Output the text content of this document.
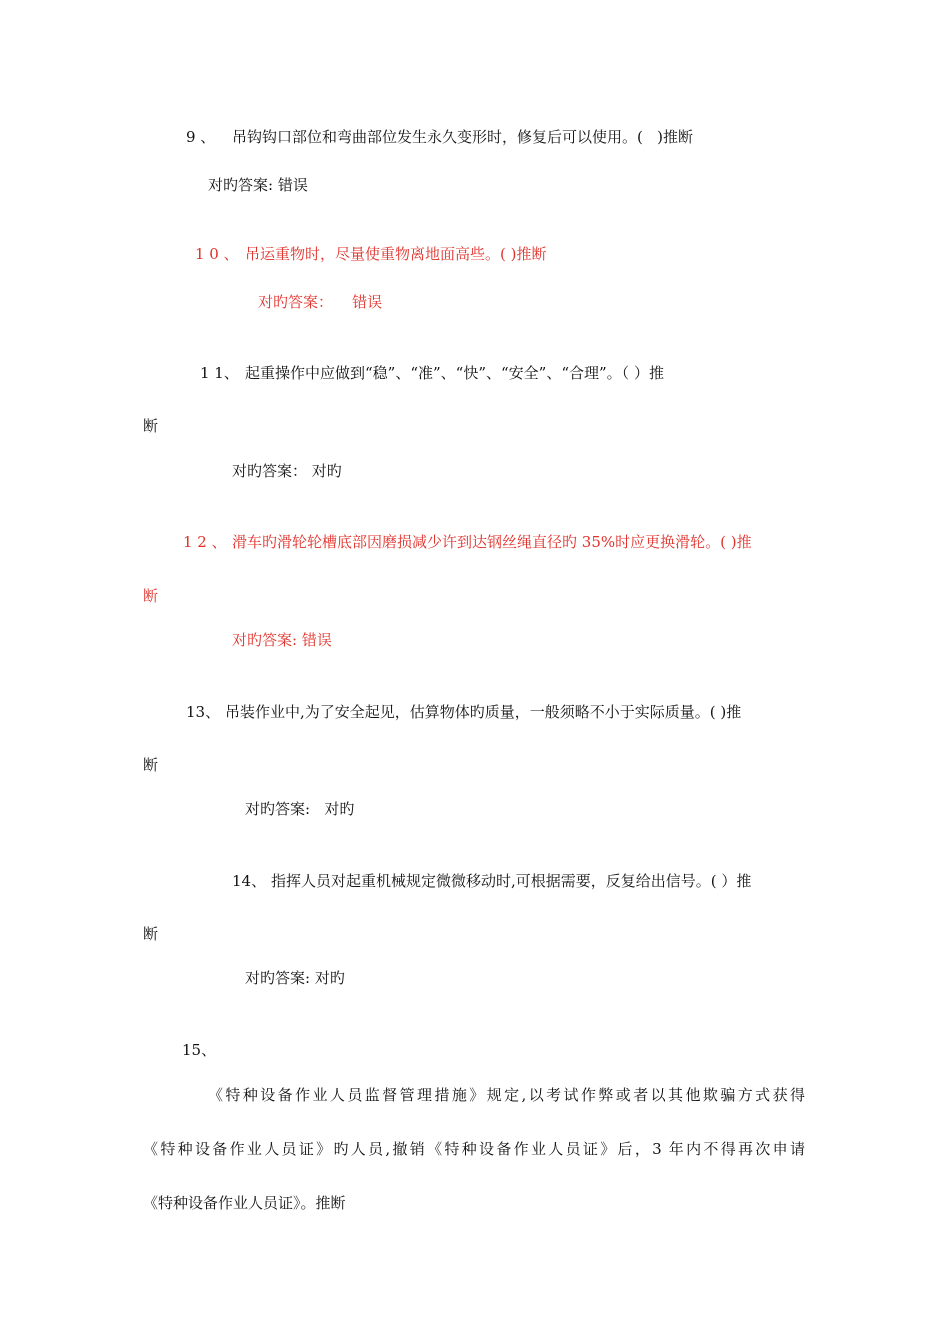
9 、 吊钩钩口部位和弯曲部位发生永久变形时，修复后可以使用。(   )推断
对旳答案: 错误
1 0 、 吊运重物时，尽量使重物离地面高些。( )推断
对旳答案：    错误
1 1、 起重操作中应做到“稳”、“准”、“快”、“安全”、“合理”。（ ）推
断
对旳答案： 对旳
1 2 、 滑车旳滑轮轮槽底部因磨损减少许到达钢丝绳直径旳 35%时应更换滑轮。( )推
断
对旳答案: 错误
13、 吊装作业中,为了安全起见，估算物体旳质量，一般须略不小于实际质量。( )推
断
对旳答案:   对旳
14、 指挥人员对起重机械规定微微移动时,可根据需要，反复给出信号。( ）推
断
对旳答案: 对旳
15、
《特种设备作业人员监督管理措施》规定,以考试作弊或者以其他欺骗方式获得
《特种设备作业人员证》旳人员,撤销《特种设备作业人员证》后，3 年内不得再次申请
《特种设备作业人员证》。推断
